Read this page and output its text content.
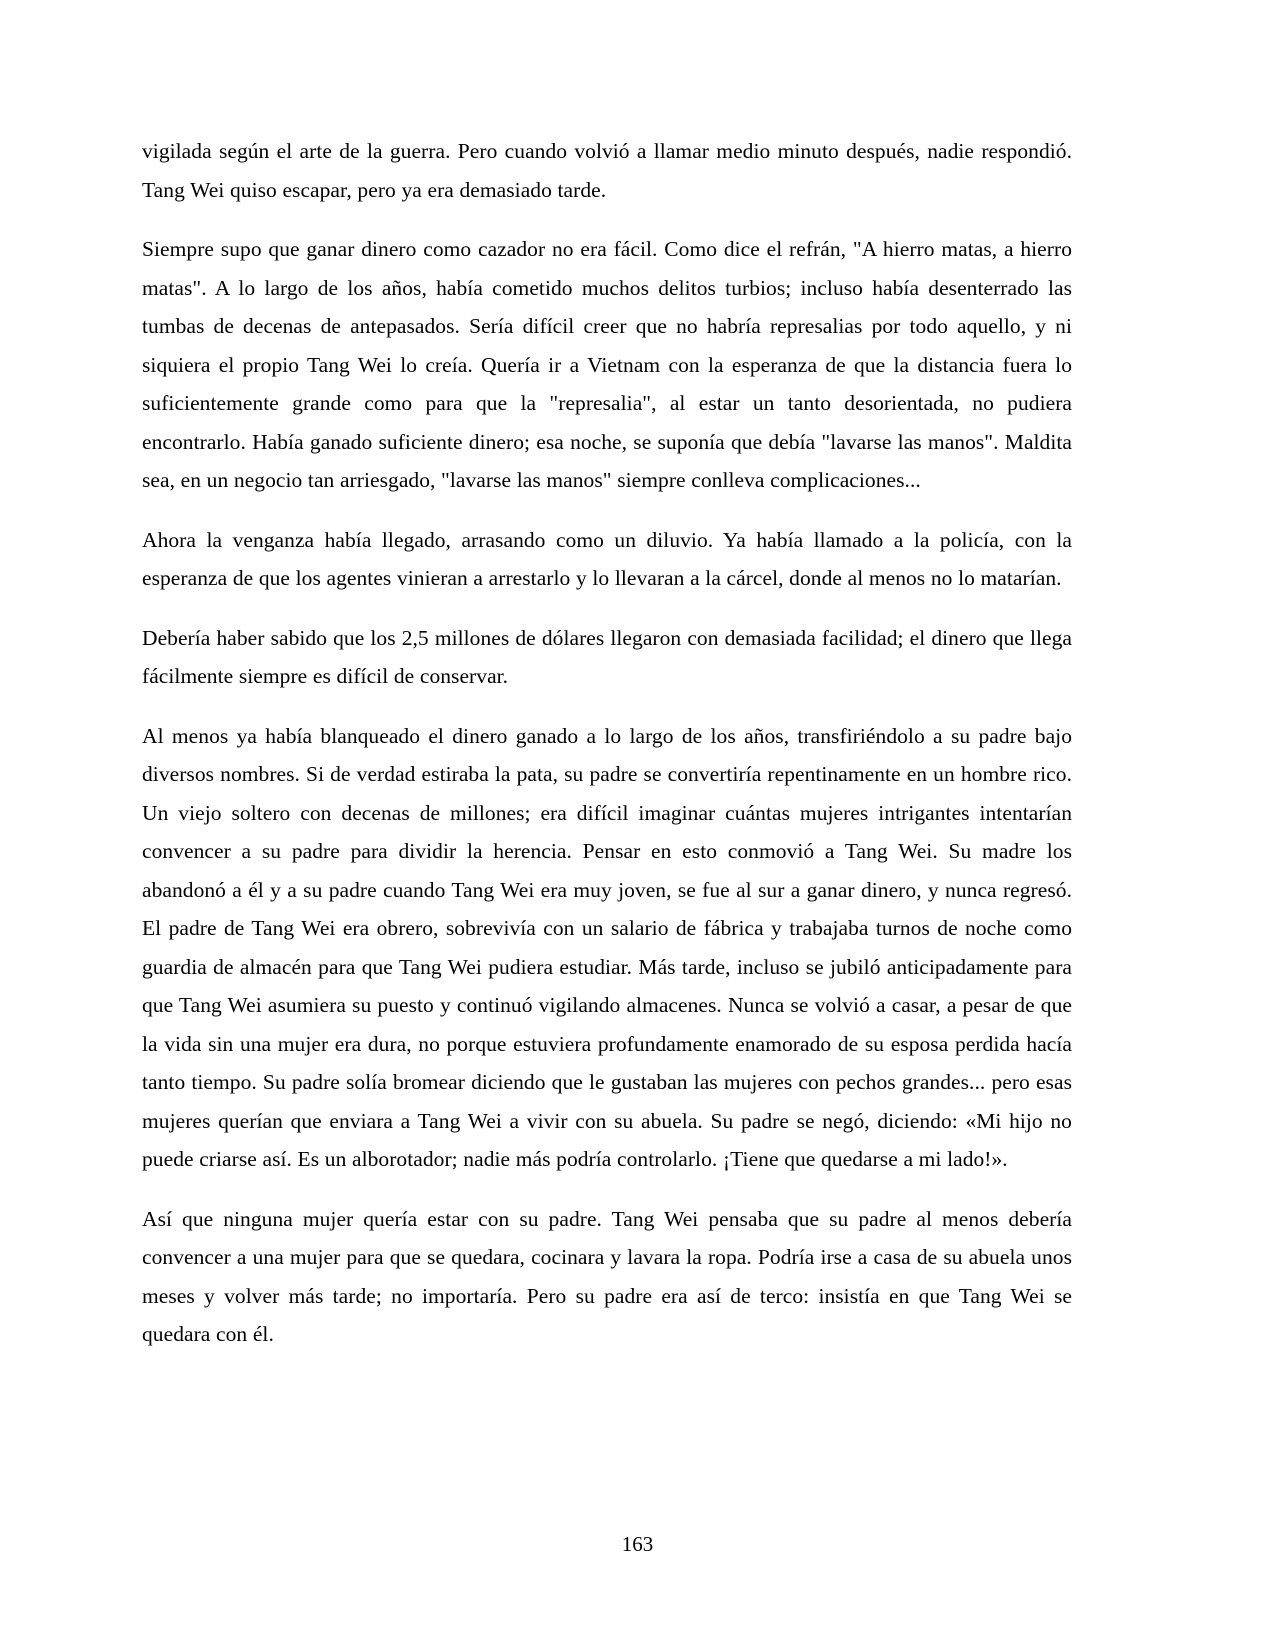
vigilada según el arte de la guerra. Pero cuando volvió a llamar medio minuto después, nadie respondió. Tang Wei quiso escapar, pero ya era demasiado tarde.

Siempre supo que ganar dinero como cazador no era fácil. Como dice el refrán, "A hierro matas, a hierro matas". A lo largo de los años, había cometido muchos delitos turbios; incluso había desenterrado las tumbas de decenas de antepasados. Sería difícil creer que no habría represalias por todo aquello, y ni siquiera el propio Tang Wei lo creía. Quería ir a Vietnam con la esperanza de que la distancia fuera lo suficientemente grande como para que la "represalia", al estar un tanto desorientada, no pudiera encontrarlo. Había ganado suficiente dinero; esa noche, se suponía que debía "lavarse las manos". Maldita sea, en un negocio tan arriesgado, "lavarse las manos" siempre conlleva complicaciones...

Ahora la venganza había llegado, arrasando como un diluvio. Ya había llamado a la policía, con la esperanza de que los agentes vinieran a arrestarlo y lo llevaran a la cárcel, donde al menos no lo matarían.

Debería haber sabido que los 2,5 millones de dólares llegaron con demasiada facilidad; el dinero que llega fácilmente siempre es difícil de conservar.

Al menos ya había blanqueado el dinero ganado a lo largo de los años, transfiriéndolo a su padre bajo diversos nombres. Si de verdad estiraba la pata, su padre se convertiría repentinamente en un hombre rico. Un viejo soltero con decenas de millones; era difícil imaginar cuántas mujeres intrigantes intentarían convencer a su padre para dividir la herencia. Pensar en esto conmovió a Tang Wei. Su madre los abandonó a él y a su padre cuando Tang Wei era muy joven, se fue al sur a ganar dinero, y nunca regresó. El padre de Tang Wei era obrero, sobrevivía con un salario de fábrica y trabajaba turnos de noche como guardia de almacén para que Tang Wei pudiera estudiar. Más tarde, incluso se jubiló anticipadamente para que Tang Wei asumiera su puesto y continuó vigilando almacenes. Nunca se volvió a casar, a pesar de que la vida sin una mujer era dura, no porque estuviera profundamente enamorado de su esposa perdida hacía tanto tiempo. Su padre solía bromear diciendo que le gustaban las mujeres con pechos grandes... pero esas mujeres querían que enviara a Tang Wei a vivir con su abuela. Su padre se negó, diciendo: «Mi hijo no puede criarse así. Es un alborotador; nadie más podría controlarlo. ¡Tiene que quedarse a mi lado!».

Así que ninguna mujer quería estar con su padre. Tang Wei pensaba que su padre al menos debería convencer a una mujer para que se quedara, cocinara y lavara la ropa. Podría irse a casa de su abuela unos meses y volver más tarde; no importaría. Pero su padre era así de terco: insistía en que Tang Wei se quedara con él.

163
